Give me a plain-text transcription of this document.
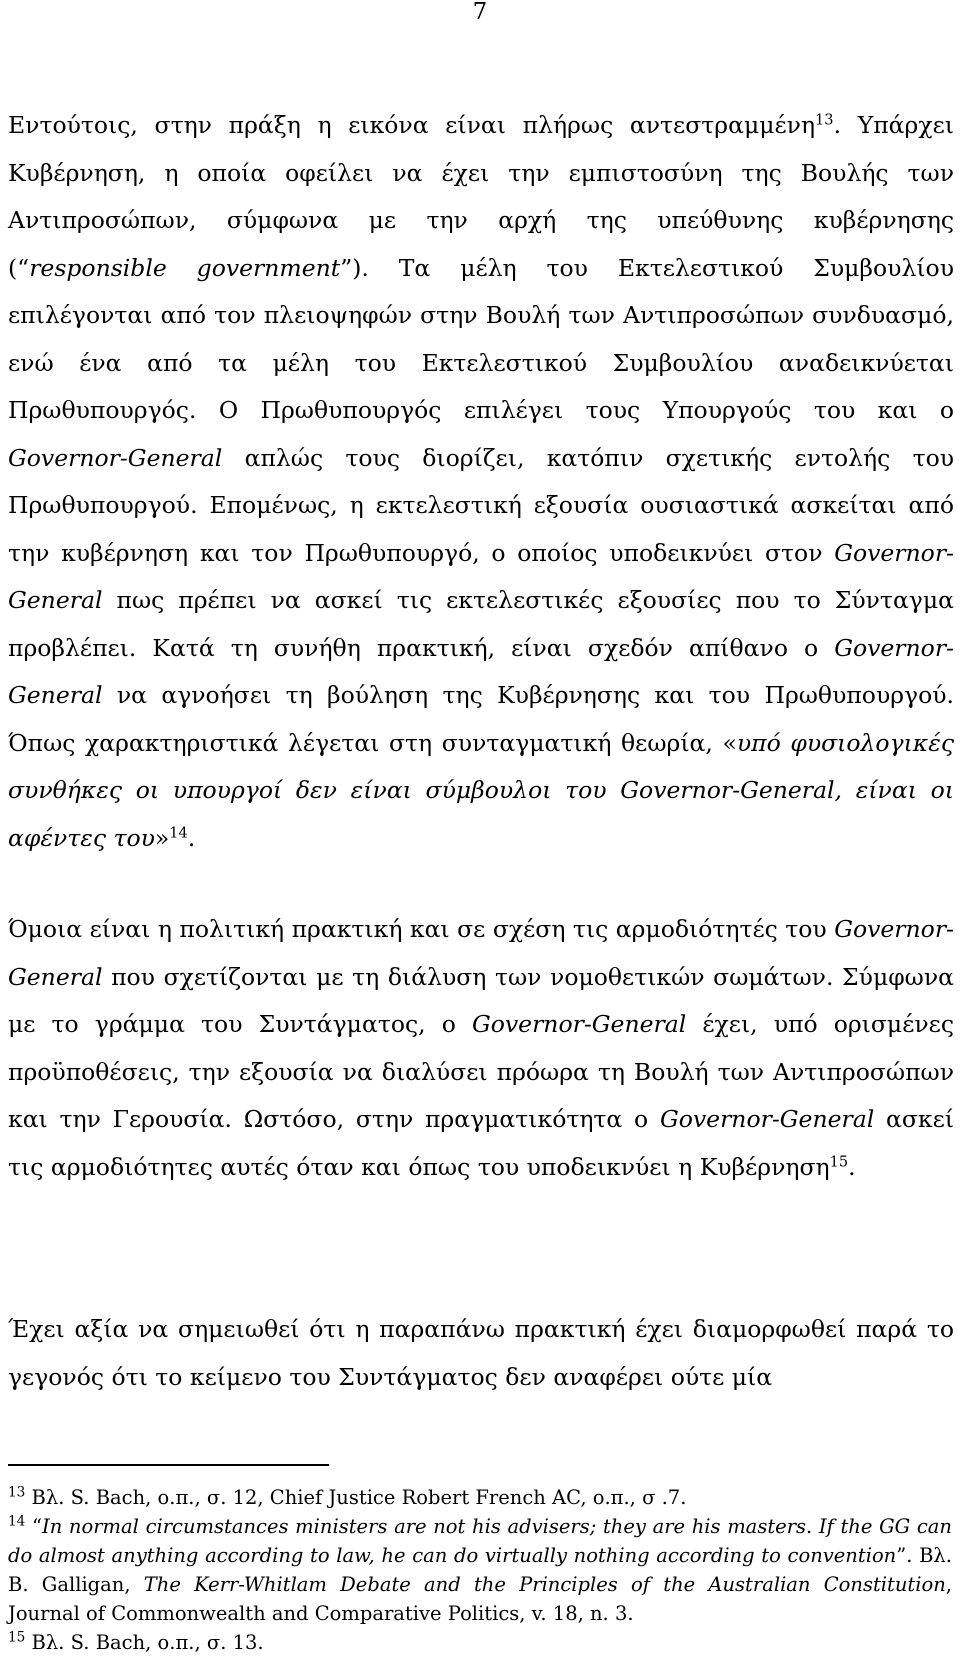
7

Εντούτοις, στην πράξη η εικόνα είναι πλήρως αντεστραμμένη$^{13}$. Υπάρχει Κυβέρνηση, η οποία οφείλει να έχει την εμπιστοσύνη της Βουλής των Αντιπροσώπων, σύμφωνα με την αρχή της υπεύθυνης κυβέρνησης (“responsible government”). Τα μέλη του Εκτελεστικού Συμβουλίου επιλέγονται από τον πλειοψηφών στην Βουλή των Αντιπροσώπων συνδυασμό, ενώ ένα από τα μέλη του Εκτελεστικού Συμβουλίου αναδεικνύεται Πρωθυπουργός. Ο Πρωθυπουργός επιλέγει τους Υπουργούς του και ο Governor-General απλώς τους διορίζει, κατόπιν σχετικής εντολής του Πρωθυπουργού. Επομένως, η εκτελεστική εξουσία ουσιαστικά ασκείται από την κυβέρνηση και τον Πρωθυπουργό, ο οποίος υποδεικνύει στον Governor-General πως πρέπει να ασκεί τις εκτελεστικές εξουσίες που το Σύνταγμα προβλέπει. Κατά τη συνήθη πρακτική, είναι σχεδόν απίθανο ο Governor-General να αγνοήσει τη βούληση της Κυβέρνησης και του Πρωθυπουργού. Όπως χαρακτηριστικά λέγεται στη συνταγματική θεωρία, «υπό φυσιολογικές συνθήκες οι υπουργοί δεν είναι σύμβουλοι του Governor-General, είναι οι αφέντες του»$^{14}$.

Όμοια είναι η πολιτική πρακτική και σε σχέση τις αρμοδιότητές του Governor-General που σχετίζονται με τη διάλυση των νομοθετικών σωμάτων. Σύμφωνα με το γράμμα του Συντάγματος, ο Governor-General έχει, υπό ορισμένες προϋποθέσεις, την εξουσία να διαλύσει πρόωρα τη Βουλή των Αντιπροσώπων και την Γερουσία. Ωστόσο, στην πραγματικότητα ο Governor-General ασκεί τις αρμοδιότητες αυτές όταν και όπως του υποδεικνύει η Κυβέρνηση$^{15}$.

Έχει αξία να σημειωθεί ότι η παραπάνω πρακτική έχει διαμορφωθεί παρά το γεγονός ότι το κείμενο του Συντάγματος δεν αναφέρει ούτε μία

$^{13}$ Βλ. S. Bach, ο.π., σ. 12, Chief Justice Robert French AC, ο.π., σ .7.

$^{14}$ “In normal circumstances ministers are not his advisers; they are his masters. If the GG can do almost anything according to law, he can do virtually nothing according to convention”. Βλ. B. Galligan, The Kerr-Whitlam Debate and the Principles of the Australian Constitution, Journal of Commonwealth and Comparative Politics, v. 18, n. 3.

$^{15}$ Βλ. S. Bach, ο.π., σ. 13.
